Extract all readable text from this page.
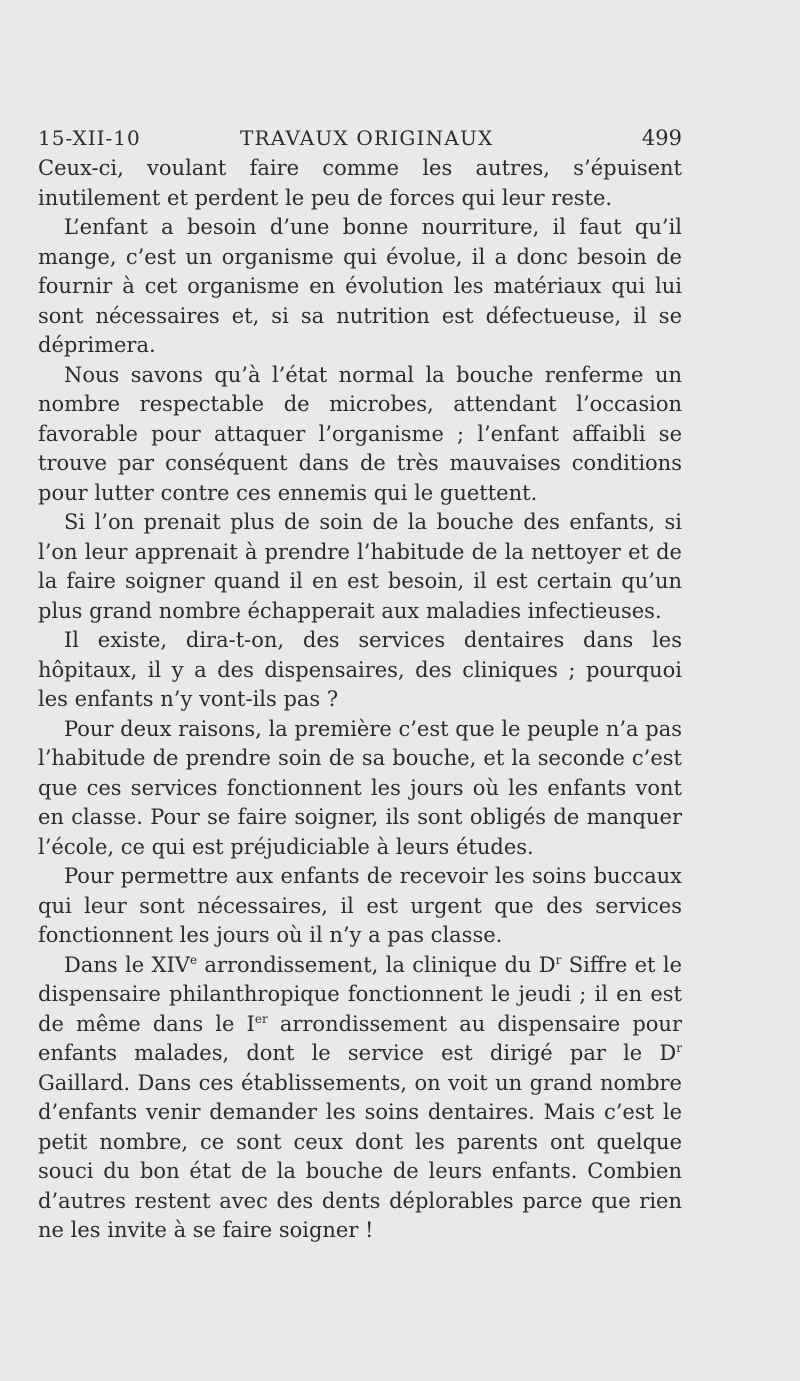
15-XII-10	TRAVAUX ORIGINAUX	499

Ceux-ci, voulant faire comme les autres, s’épuisent inutilement et perdent le peu de forces qui leur reste.

L’enfant a besoin d’une bonne nourriture, il faut qu’il mange, c’est un organisme qui évolue, il a donc besoin de fournir à cet organisme en évolution les matériaux qui lui sont nécessaires et, si sa nutrition est défectueuse, il se déprimera.

Nous savons qu’à l’état normal la bouche renferme un nombre respectable de microbes, attendant l’occasion favorable pour attaquer l’organisme ; l’enfant affaibli se trouve par conséquent dans de très mauvaises conditions pour lutter contre ces ennemis qui le guettent.

Si l’on prenait plus de soin de la bouche des enfants, si l’on leur apprenait à prendre l’habitude de la nettoyer et de la faire soigner quand il en est besoin, il est certain qu’un plus grand nombre échapperait aux maladies infectieuses.

Il existe, dira-t-on, des services dentaires dans les hôpitaux, il y a des dispensaires, des cliniques ; pourquoi les enfants n’y vont-ils pas ?

Pour deux raisons, la première c’est que le peuple n’a pas l’habitude de prendre soin de sa bouche, et la seconde c’est que ces services fonctionnent les jours où les enfants vont en classe. Pour se faire soigner, ils sont obligés de manquer l’école, ce qui est préjudiciable à leurs études.

Pour permettre aux enfants de recevoir les soins buccaux qui leur sont nécessaires, il est urgent que des services fonctionnent les jours où il n’y a pas classe.

Dans le XIVe arrondissement, la clinique du $D^r$ Siffre et le dispensaire philanthropique fonctionnent le jeudi ; il en est de même dans le Ier arrondissement au dispensaire pour enfants malades, dont le service est dirigé par le $D^r$ Gaillard. Dans ces établissements, on voit un grand nombre d’enfants venir demander les soins dentaires. Mais c’est le petit nombre, ce sont ceux dont les parents ont quelque souci du bon état de la bouche de leurs enfants. Combien d’autres restent avec des dents déplorables parce que rien ne les invite à se faire soigner !
